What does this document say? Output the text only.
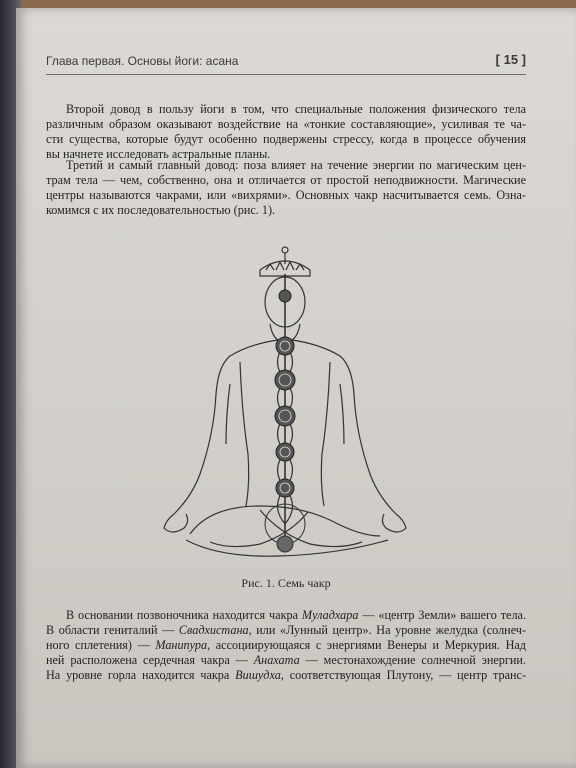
Глава первая. Основы йоги: асана	[ 15 ]

Второй довод в пользу йоги в том, что специальные положения физического тела
различным образом оказывают воздействие на «тонкие составляющие», усиливая те ча-
сти существа, которые будут особенно подвержены стрессу, когда в процессе обучения
вы начнете исследовать астральные планы.

Третий и самый главный довод: поза влияет на течение энергии по магическим цен-
трам тела — чем, собственно, она и отличается от простой неподвижности. Магические
центры называются чакрами, или «вихрями». Основных чакр насчитывается семь. Озна-
комимся с их последовательностью (рис. 1).

Рис. 1. Семь чакр

В основании позвоночника находится чакра Муладхара — «центр Земли» вашего тела.
В области гениталий — Свадхистана, или «Лунный центр». На уровне желудка (солнеч-
ного сплетения) — Манипура, ассоциирующаяся с энергиями Венеры и Меркурия. Над
ней расположена сердечная чакра — Анахата — местонахождение солнечной энергии.
На уровне горла находится чакра Вишудха, соответствующая Плутону, — центр транс-
